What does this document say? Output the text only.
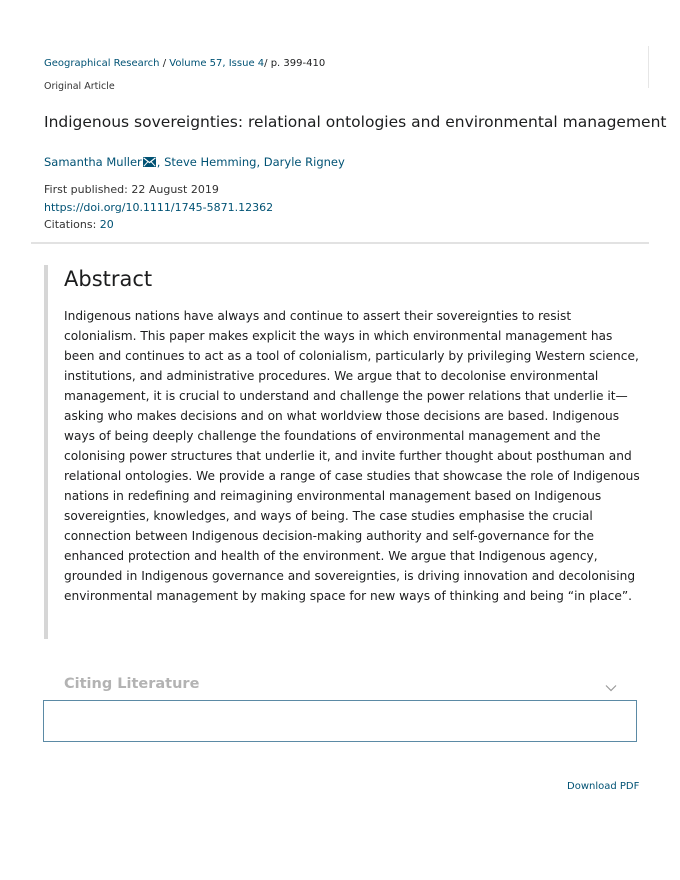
Geographical Research / Volume 57, Issue 4/ p. 399-410
Original Article
Indigenous sovereignties: relational ontologies and environmental management
Samantha Muller , Steve Hemming, Daryle Rigney
First published: 22 August 2019
https://doi.org/10.1111/1745-5871.12362
Citations: 20
Abstract

Indigenous nations have always and continue to assert their sovereignties to resist colonialism. This paper makes explicit the ways in which environmental management has been and continues to act as a tool of colonialism, particularly by privileging Western science, institutions, and administrative procedures. We argue that to decolonise environmental management, it is crucial to understand and challenge the power relations that underlie it—asking who makes decisions and on what worldview those decisions are based. Indigenous ways of being deeply challenge the foundations of environmental management and the colonising power structures that underlie it, and invite further thought about posthuman and relational ontologies. We provide a range of case studies that showcase the role of Indigenous nations in redefining and reimagining environmental management based on Indigenous sovereignties, knowledges, and ways of being. The case studies emphasise the crucial connection between Indigenous decision-making authority and self-governance for the enhanced protection and health of the environment. We argue that Indigenous agency, grounded in Indigenous governance and sovereignties, is driving innovation and decolonising environmental management by making space for new ways of thinking and being “in place”.

Citing Literature
Download PDF
